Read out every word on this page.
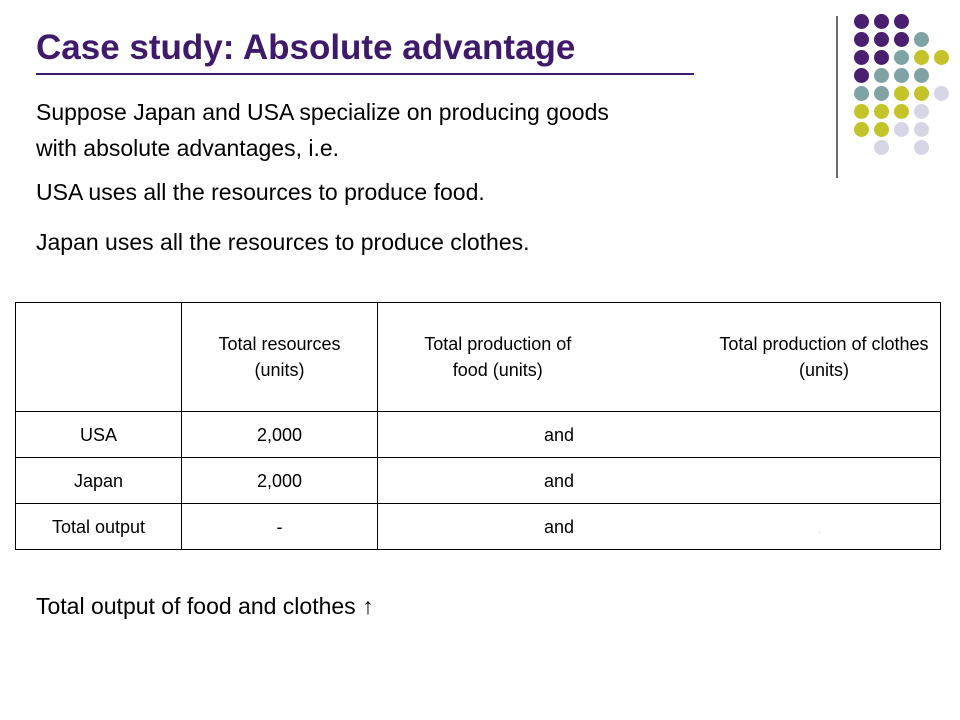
Case study: Absolute advantage

Suppose Japan and USA specialize on producing goods

with absolute advantages, i.e.

USA uses all the resources to produce food.

Japan uses all the resources to produce clothes.

	Total resources (units)	Total production of food (units)	Total production of clothes (units)
USA	2,000	and	
Japan	2,000	and	
Total output	-	and .	

Total output of food and clothes ↑
